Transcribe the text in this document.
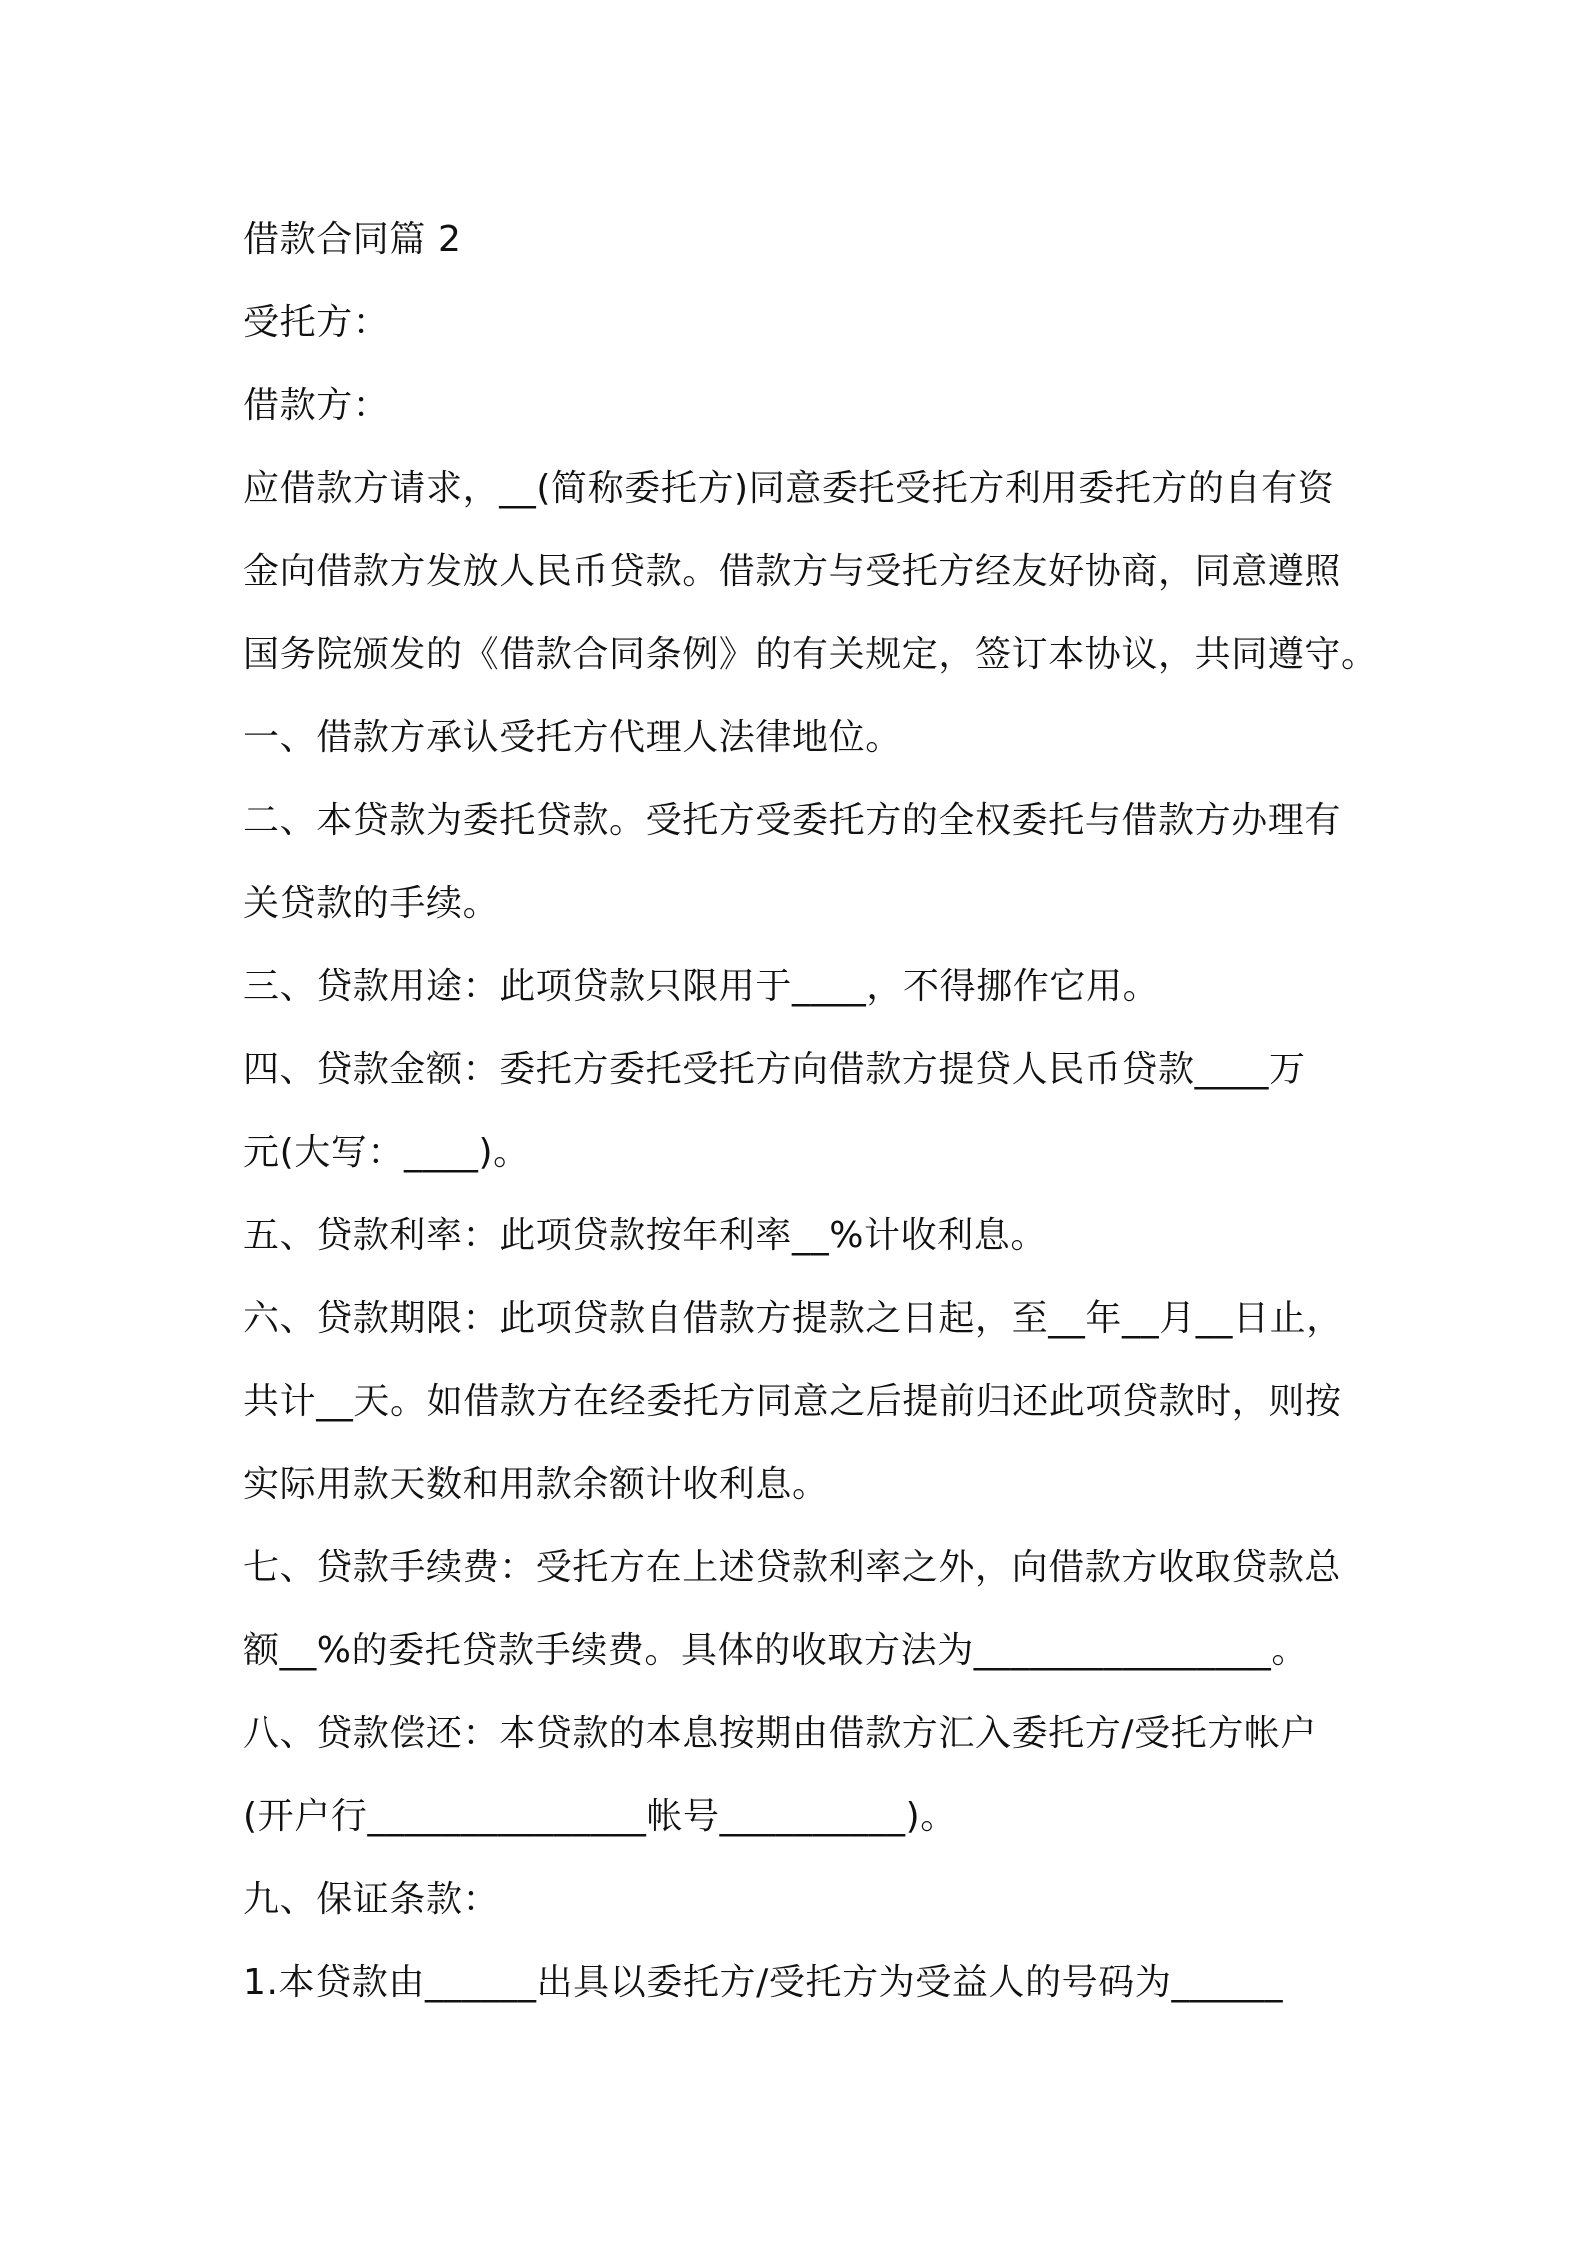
借款合同篇 2
受托方：
借款方：
应借款方请求，__(简称委托方)同意委托受托方利用委托方的自有资
金向借款方发放人民币贷款。借款方与受托方经友好协商，同意遵照
国务院颁发的《借款合同条例》的有关规定，签订本协议，共同遵守。
一、借款方承认受托方代理人法律地位。
二、本贷款为委托贷款。受托方受委托方的全权委托与借款方办理有
关贷款的手续。
三、贷款用途：此项贷款只限用于____，不得挪作它用。
四、贷款金额：委托方委托受托方向借款方提贷人民币贷款____万
元(大写：____)。
五、贷款利率：此项贷款按年利率__%计收利息。
六、贷款期限：此项贷款自借款方提款之日起，至__年__月__日止，
共计__天。如借款方在经委托方同意之后提前归还此项贷款时，则按
实际用款天数和用款余额计收利息。
七、贷款手续费：受托方在上述贷款利率之外，向借款方收取贷款总
额__%的委托贷款手续费。具体的收取方法为________________。
八、贷款偿还：本贷款的本息按期由借款方汇入委托方/受托方帐户
(开户行_______________帐号__________)。
九、保证条款：
1.本贷款由______出具以委托方/受托方为受益人的号码为______
